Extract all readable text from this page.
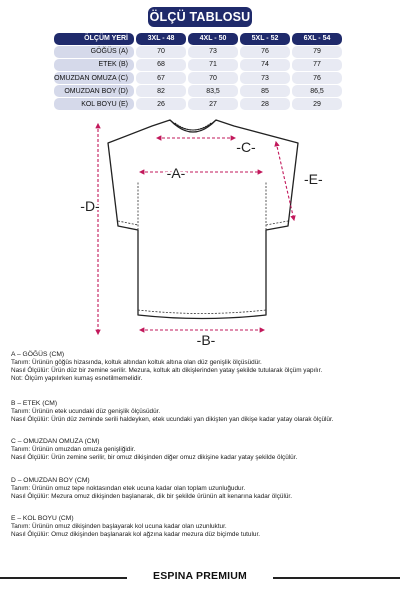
ÖLÇÜ TABLOSU
ÖLÇÜM YERİ	3XL - 48	4XL - 50	5XL - 52	6XL - 54
GÖĞÜS (A)	70	73	76	79
ETEK (B)	68	71	74	77
OMUZDAN OMUZA (C)	67	70	73	76
OMUZDAN BOY (D)	82	83,5	85	86,5
KOL BOYU (E)	26	27	28	29
-C-
-A-	-E-
-D-
-B-
A – GÖĞÜS (CM)
Tanım: Ürünün göğüs hizasında, koltuk altından koltuk altına olan düz genişlik ölçüsüdür.
Nasıl Ölçülür: Ürün düz bir zemine serilir. Mezura, koltuk altı dikişlerinden yatay şekilde tutularak ölçüm yapılır.
Not: Ölçüm yapılırken kumaş esnetilmemelidir.
B – ETEK (CM)
Tanım: Ürünün etek ucundaki düz genişlik ölçüsüdür.
Nasıl Ölçülür: Ürün düz zeminde serili haldeyken, etek ucundaki yan dikişten yan dikişe kadar yatay olarak ölçülür.
C – OMUZDAN OMUZA (CM)
Tanım: Ürünün omuzdan omuza genişliğidir.
Nasıl Ölçülür: Ürün zemine serilir, bir omuz dikişinden diğer omuz dikişine kadar yatay şekilde ölçülür.
D – OMUZDAN BOY (CM)
Tanım: Ürünün omuz tepe noktasından etek ucuna kadar olan toplam uzunluğudur.
Nasıl Ölçülür: Mezura omuz dikişinden başlanarak, dik bir şekilde ürünün alt kenarına kadar ölçülür.
E – KOL BOYU (CM)
Tanım: Ürünün omuz dikişinden başlayarak kol ucuna kadar olan uzunluktur.
Nasıl Ölçülür: Omuz dikişinden başlanarak kol ağzına kadar mezura düz biçimde tutulur.
ESPINA PREMIUM
